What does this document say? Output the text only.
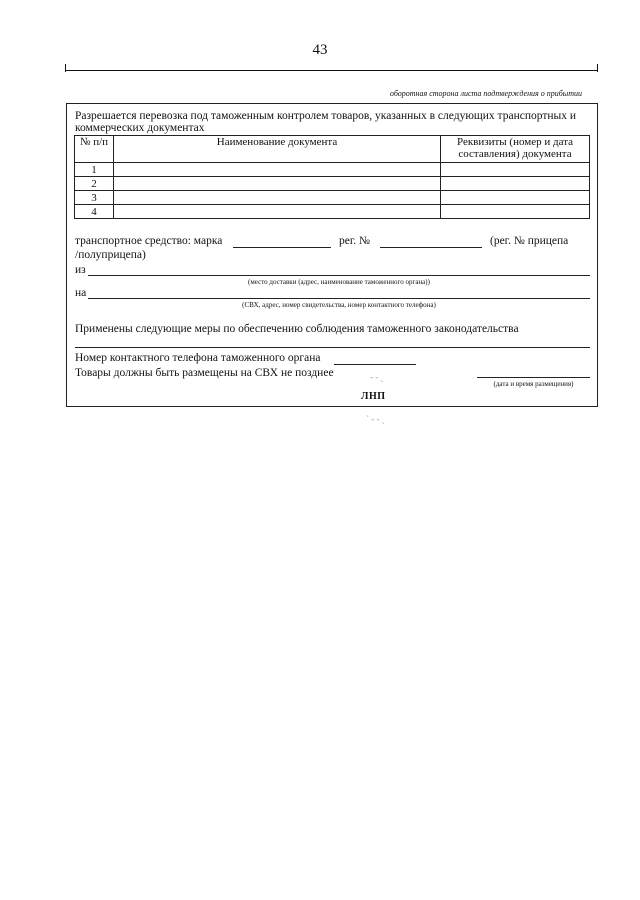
43
оборотная сторона листа подтверждения о прибытии
Разрешается перевозка под таможенным контролем товаров, указанных в следующих транспортных и коммерческих документах
№ п/п	Наименование документа	Реквизиты (номер и дата составления) документа
1		
2		
3		
4		
транспортное средство: марка	рег. №	(рег. № прицепа
/полуприцепа)
из
(место доставки (адрес, наименование таможенного органа))
на
(СВХ, адрес, номер свидетельства, номер контактного телефона)
Применены следующие меры по обеспечению соблюдения таможенного законодательства
Номер контактного телефона таможенного органа
Товары должны быть размещены на СВХ не позднее
(дата и время размещения)
‐ ‐ ˎ
ˋ ‐ ‐ ˏ
ЛНП
